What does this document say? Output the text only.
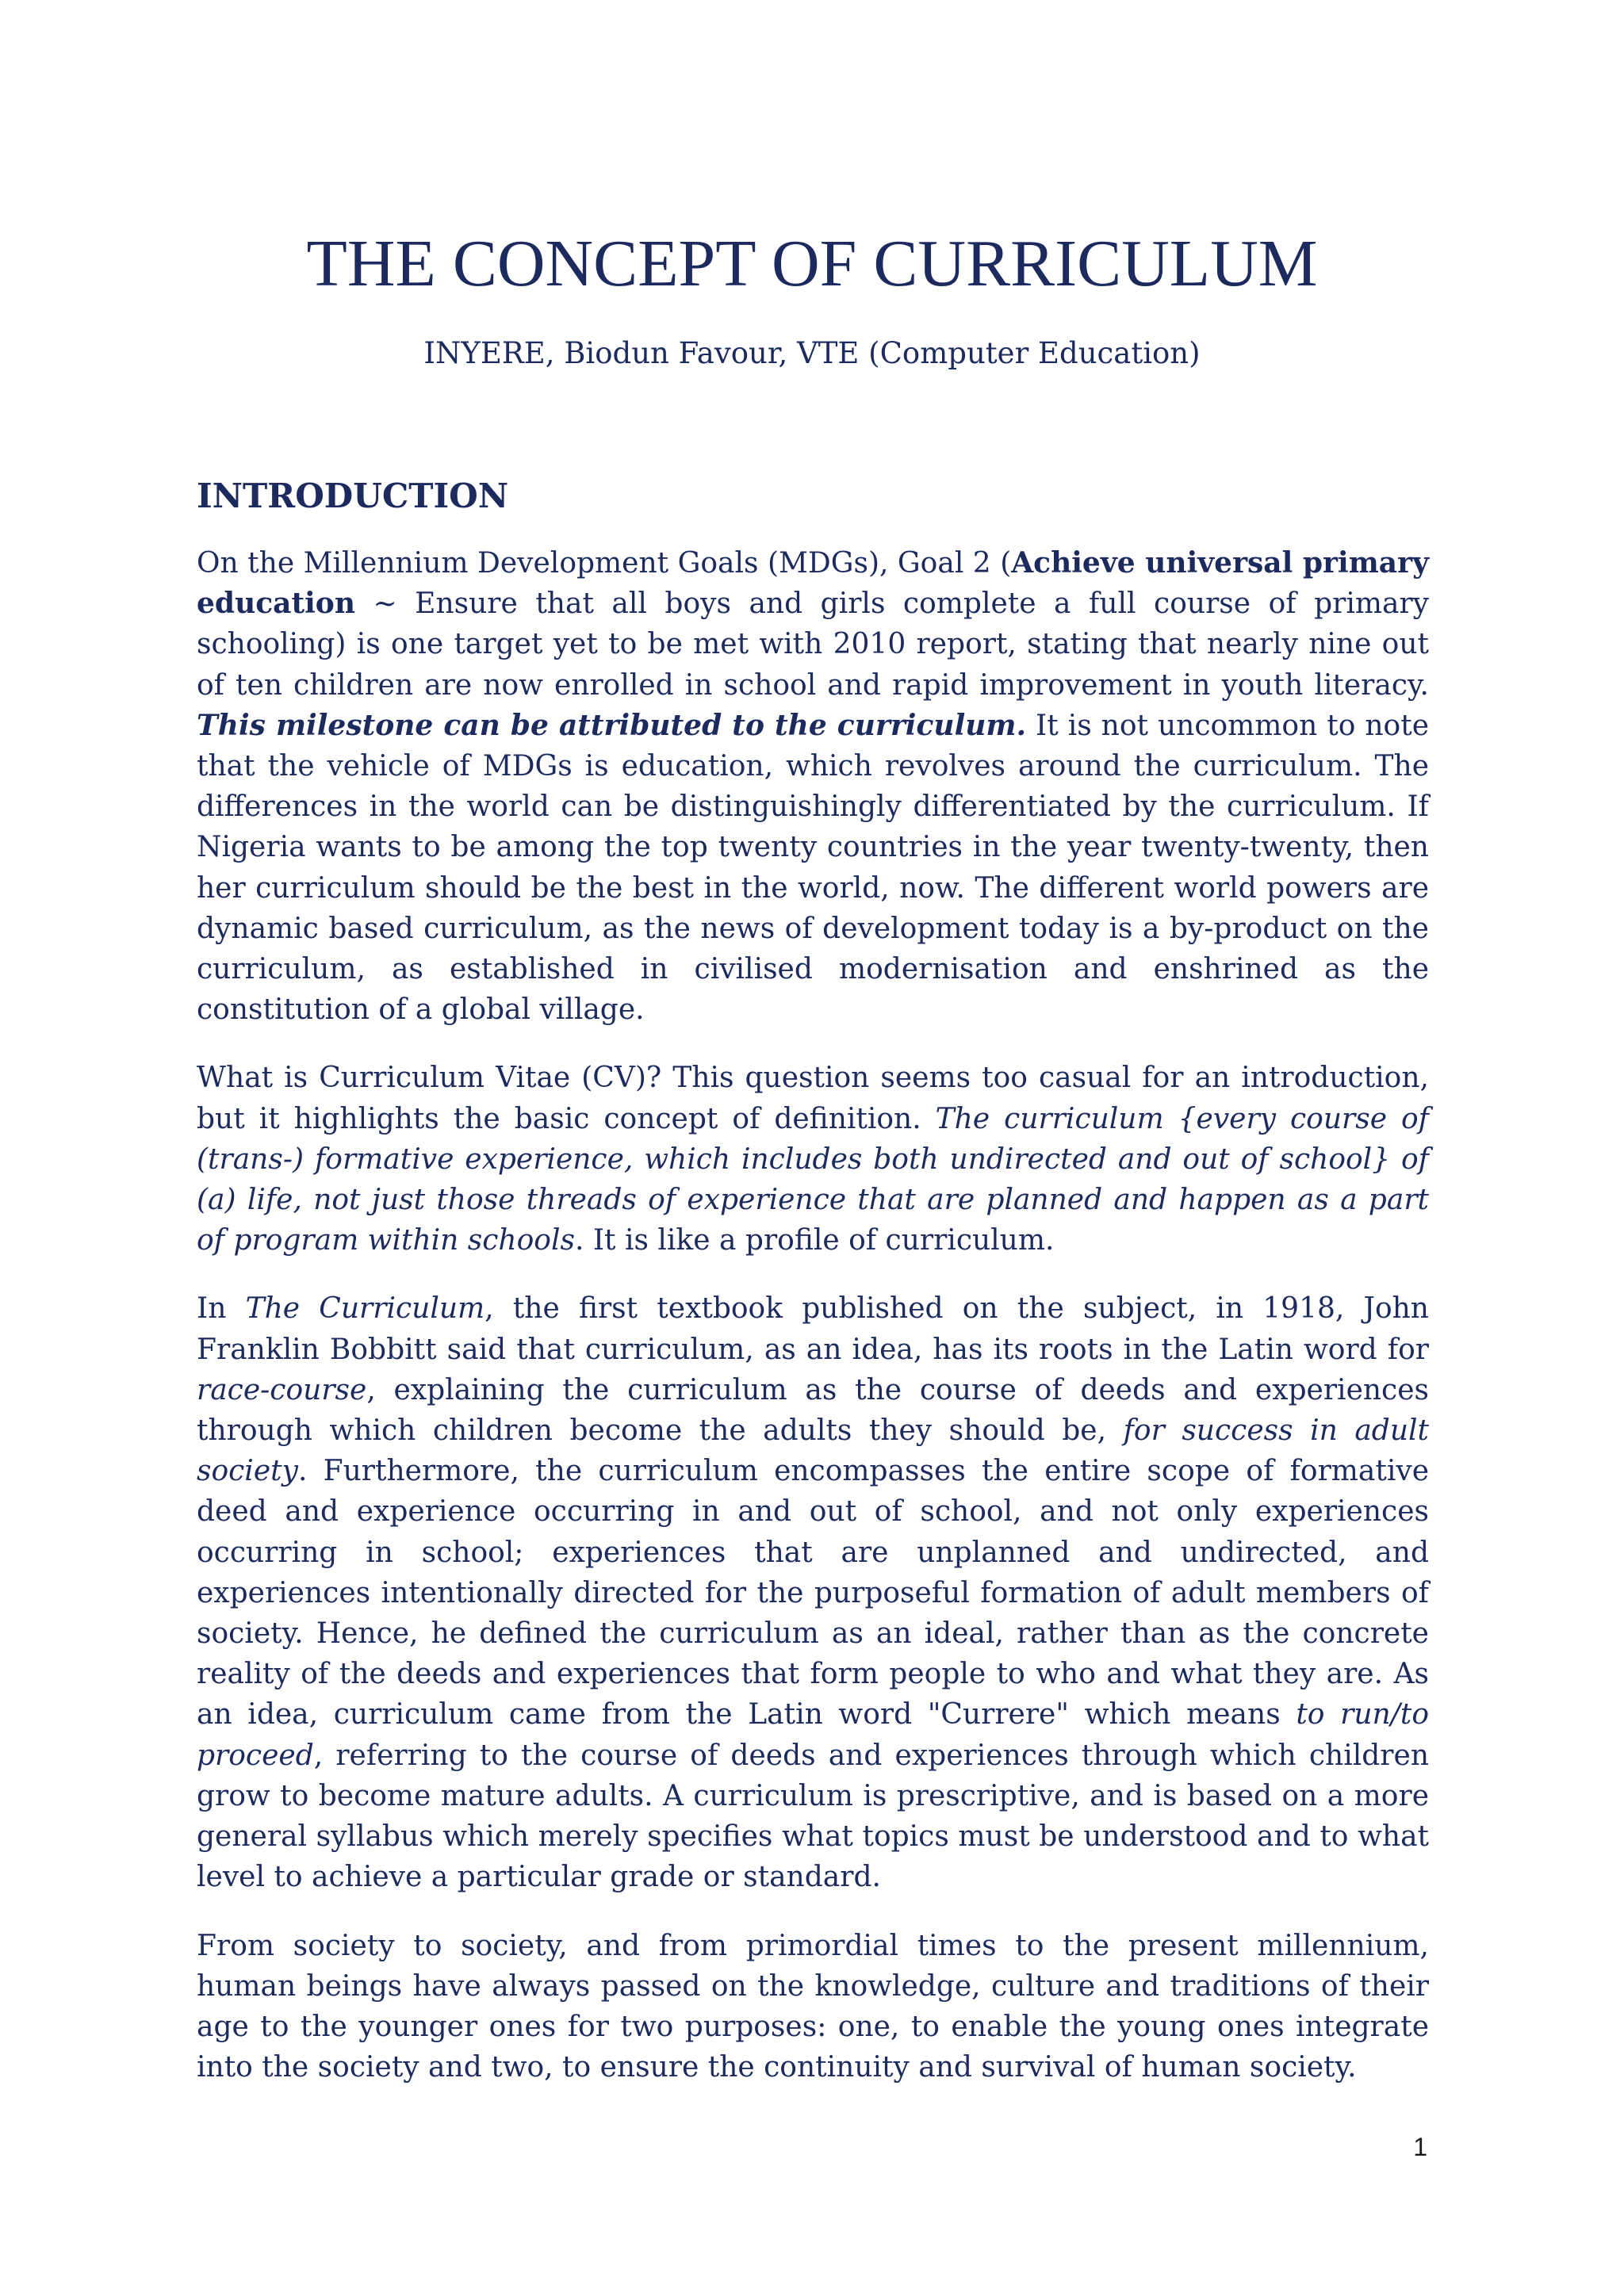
THE CONCEPT OF CURRICULUM
INYERE, Biodun Favour, VTE (Computer Education)
INTRODUCTION

On the Millennium Development Goals (MDGs), Goal 2 (Achieve universal primary education ~ Ensure that all boys and girls complete a full course of primary schooling) is one target yet to be met with 2010 report, stating that nearly nine out of ten children are now enrolled in school and rapid improvement in youth literacy. This milestone can be attributed to the curriculum. It is not uncommon to note that the vehicle of MDGs is education, which revolves around the curriculum. The differences in the world can be distinguishingly differentiated by the curriculum. If Nigeria wants to be among the top twenty countries in the year twenty-twenty, then her curriculum should be the best in the world, now. The different world powers are dynamic based curriculum, as the news of development today is a by-product on the curriculum, as established in civilised modernisation and enshrined as the constitution of a global village.

What is Curriculum Vitae (CV)? This question seems too casual for an introduction, but it highlights the basic concept of definition. The curriculum {every course of (trans-) formative experience, which includes both undirected and out of school} of (a) life, not just those threads of experience that are planned and happen as a part of program within schools. It is like a profile of curriculum.

In The Curriculum, the first textbook published on the subject, in 1918, John Franklin Bobbitt said that curriculum, as an idea, has its roots in the Latin word for race-course, explaining the curriculum as the course of deeds and experiences through which children become the adults they should be, for success in adult society. Furthermore, the curriculum encompasses the entire scope of formative deed and experience occurring in and out of school, and not only experiences occurring in school; experiences that are unplanned and undirected, and experiences intentionally directed for the purposeful formation of adult members of society. Hence, he defined the curriculum as an ideal, rather than as the concrete reality of the deeds and experiences that form people to who and what they are. As an idea, curriculum came from the Latin word "Currere" which means to run/to proceed, referring to the course of deeds and experiences through which children grow to become mature adults. A curriculum is prescriptive, and is based on a more general syllabus which merely specifies what topics must be understood and to what level to achieve a particular grade or standard.

From society to society, and from primordial times to the present millennium, human beings have always passed on the knowledge, culture and traditions of their age to the younger ones for two purposes: one, to enable the young ones integrate into the society and two, to ensure the continuity and survival of human society.

1
